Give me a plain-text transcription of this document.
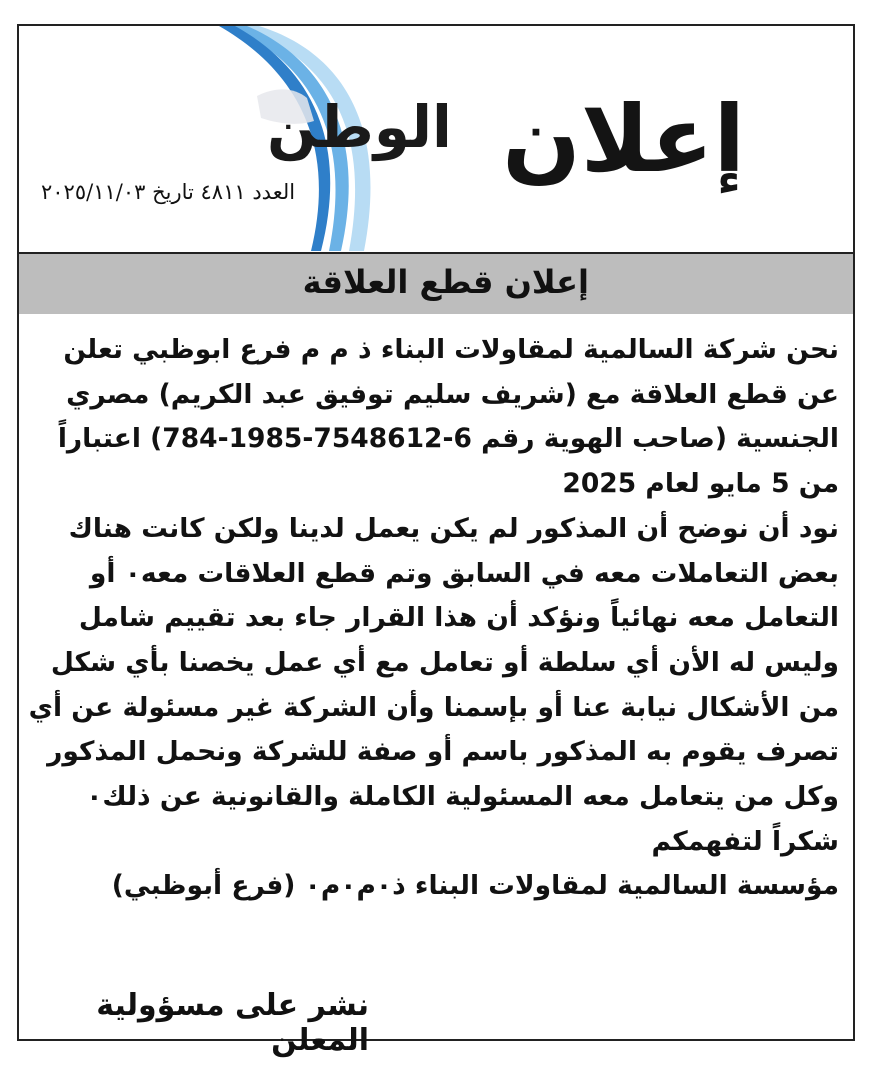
الوطن
العدد ٤٨١١ تاريخ ٢٠٢٥/١١/٠٣ إعلان
إعلان قطع العلاقة
نحن شركة السالمية لمقاولات البناء ذ م م فرع ابوظبي تعلن
عن قطع العلاقة مع (شريف سليم توفيق عبد الكريم) مصري
الجنسية (صاحب الهوية رقم 6-7548612-1985-784) اعتباراً
من 5 مايو لعام 2025
نود أن نوضح أن المذكور لم يكن يعمل لدينا ولكن كانت هناك
بعض التعاملات معه في السابق وتم قطع العلاقات معه٠ أو
التعامل معه نهائياً ونؤكد أن هذا القرار جاء بعد تقييم شامل
وليس له الأن أي سلطة أو تعامل مع أي عمل يخصنا بأي شكل
من الأشكال نيابة عنا أو بإسمنا وأن الشركة غير مسئولة عن أي
تصرف يقوم به المذكور باسم أو صفة للشركة ونحمل المذكور
وكل من يتعامل معه المسئولية الكاملة والقانونية عن ذلك٠
شكراً لتفهمكم
مؤسسة السالمية لمقاولات البناء ذ٠م٠م٠ (فرع أبوظبي)
نشر على مسؤولية المعلن
